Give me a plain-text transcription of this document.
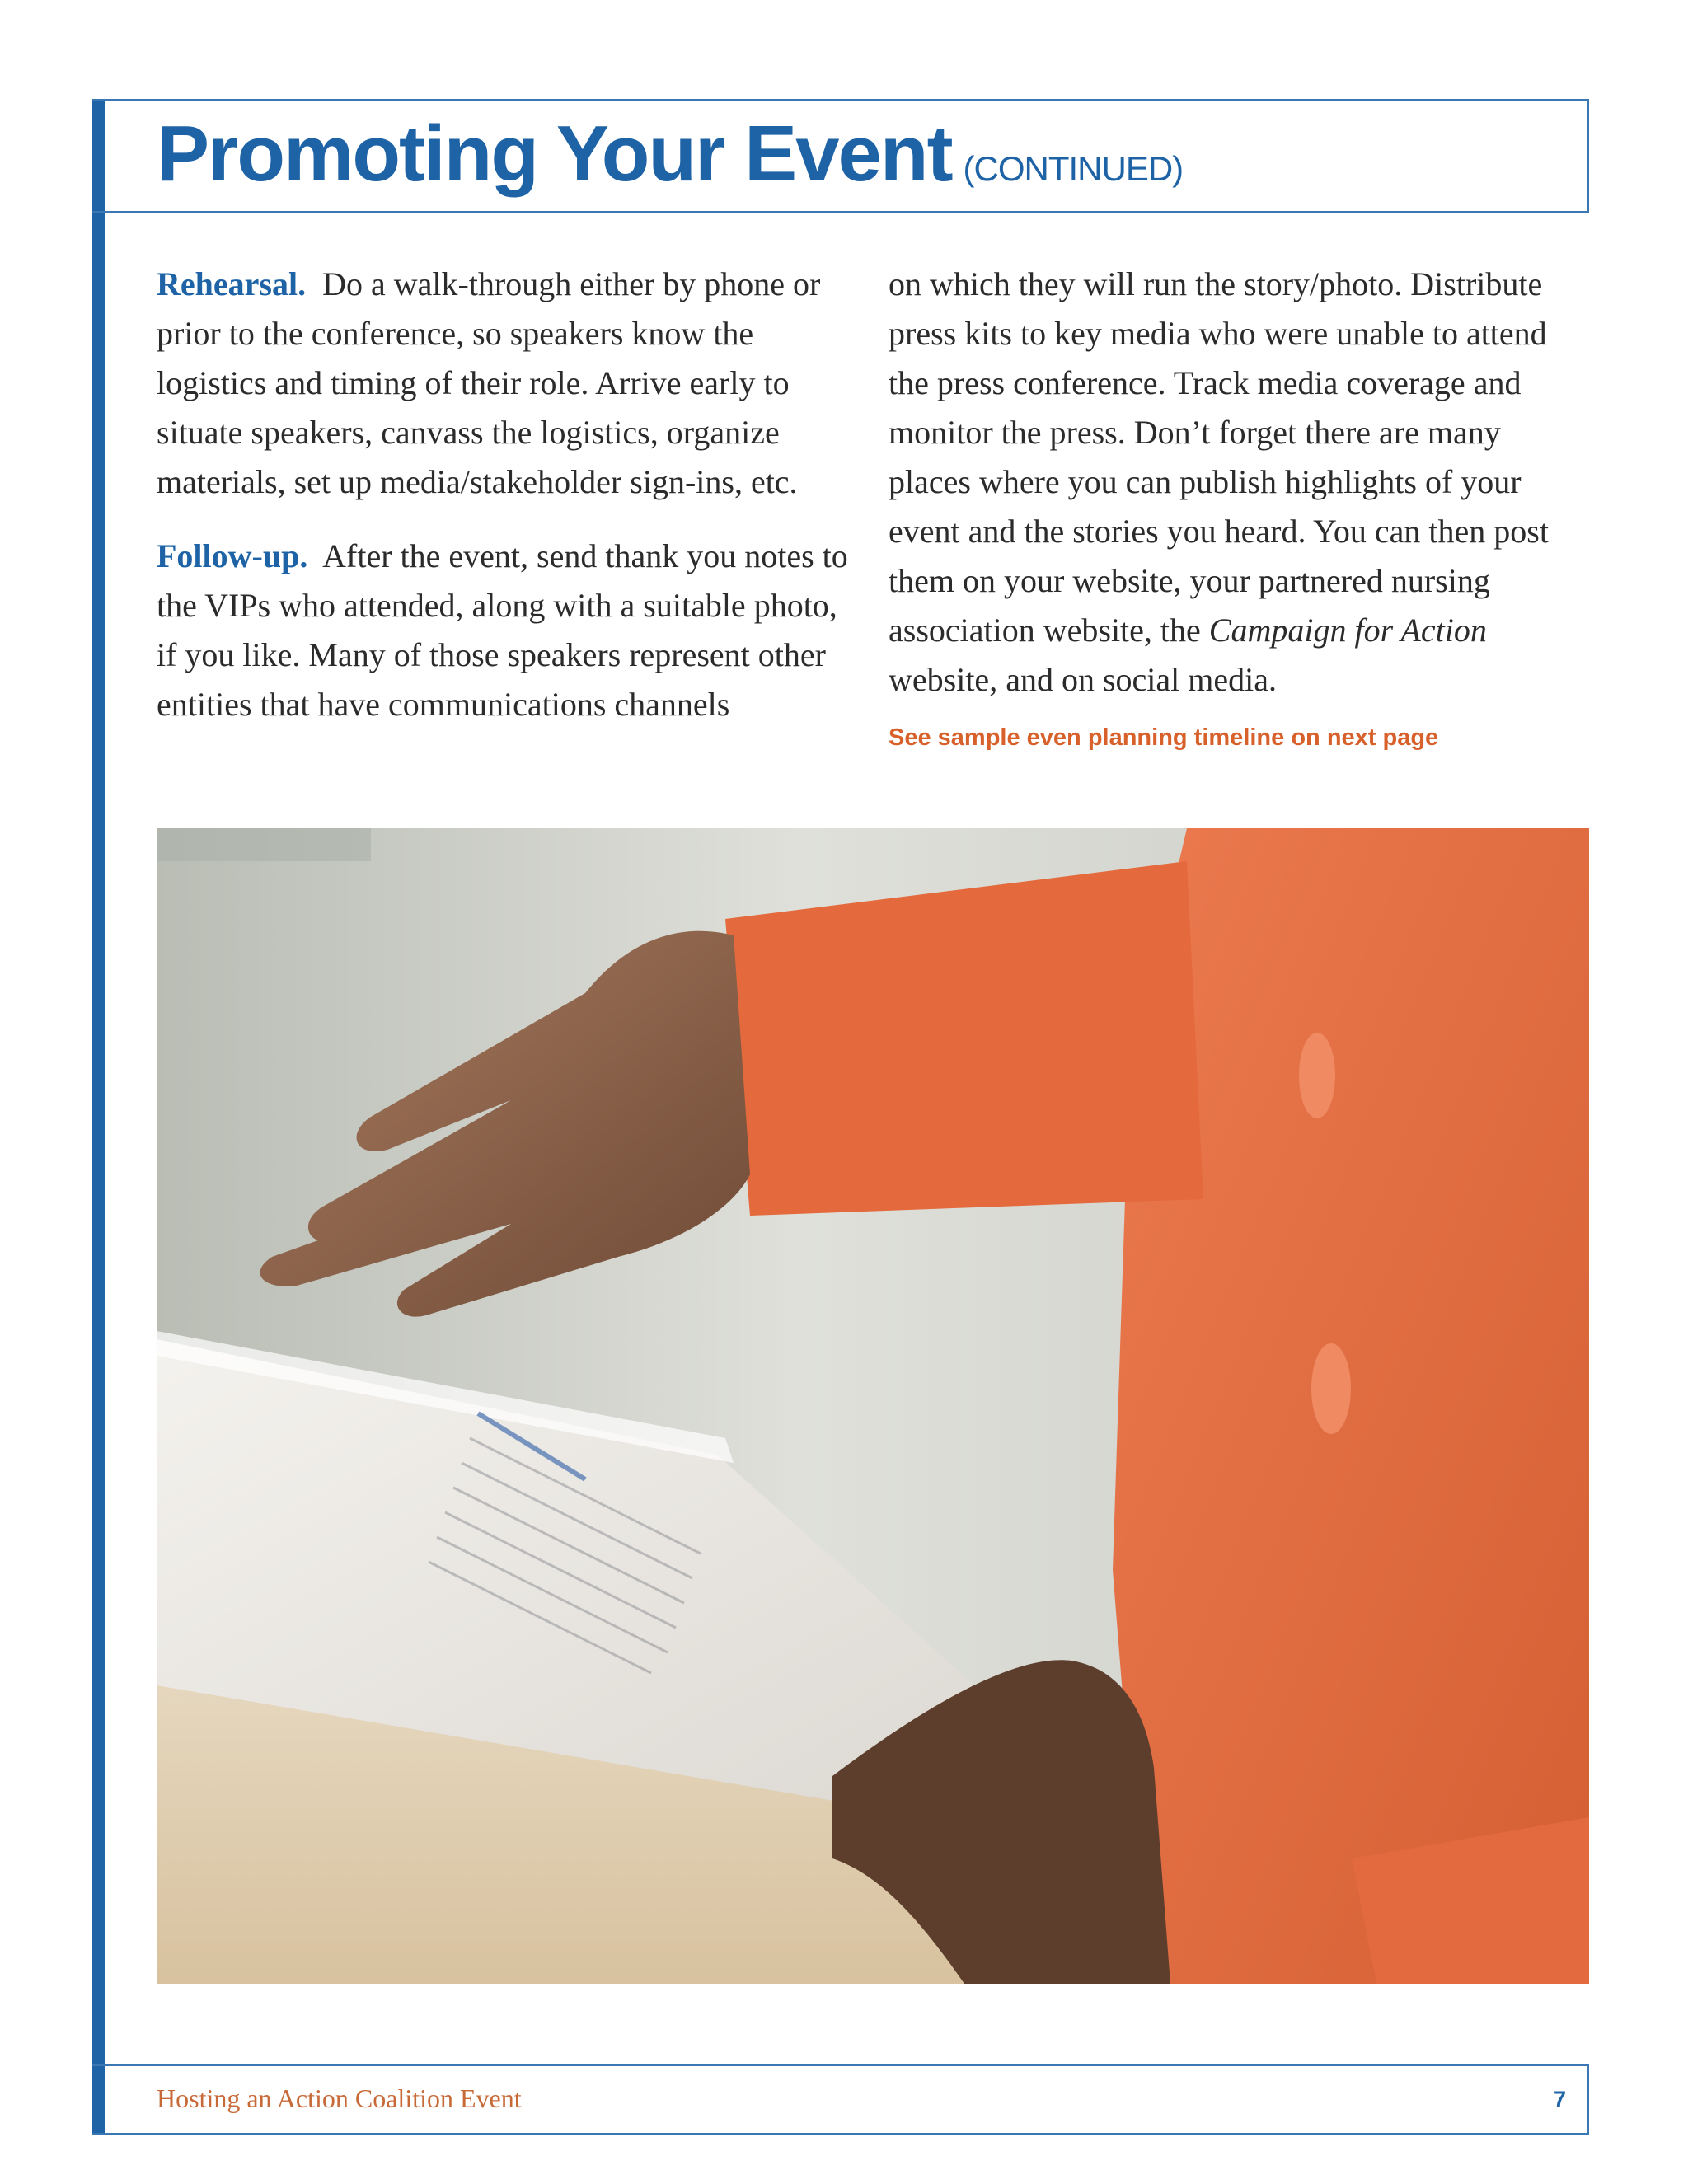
Promoting Your Event (CONTINUED)

Rehearsal. Do a walk-through either by phone or prior to the conference, so speakers know the logistics and timing of their role. Arrive early to situate speakers, canvass the logistics, organize materials, set up media/stakeholder sign-ins, etc.

Follow-up. After the event, send thank you notes to the VIPs who attended, along with a suitable photo, if you like. Many of those speakers represent other entities that have communications channels

on which they will run the story/photo. Distribute press kits to key media who were unable to attend the press conference. Track media coverage and monitor the press. Don’t forget there are many places where you can publish highlights of your event and the stories you heard. You can then post them on your website, your partnered nursing association website, the Campaign for Action website, and on social media.

See sample even planning timeline on next page

Hosting an Action Coalition Event	7
